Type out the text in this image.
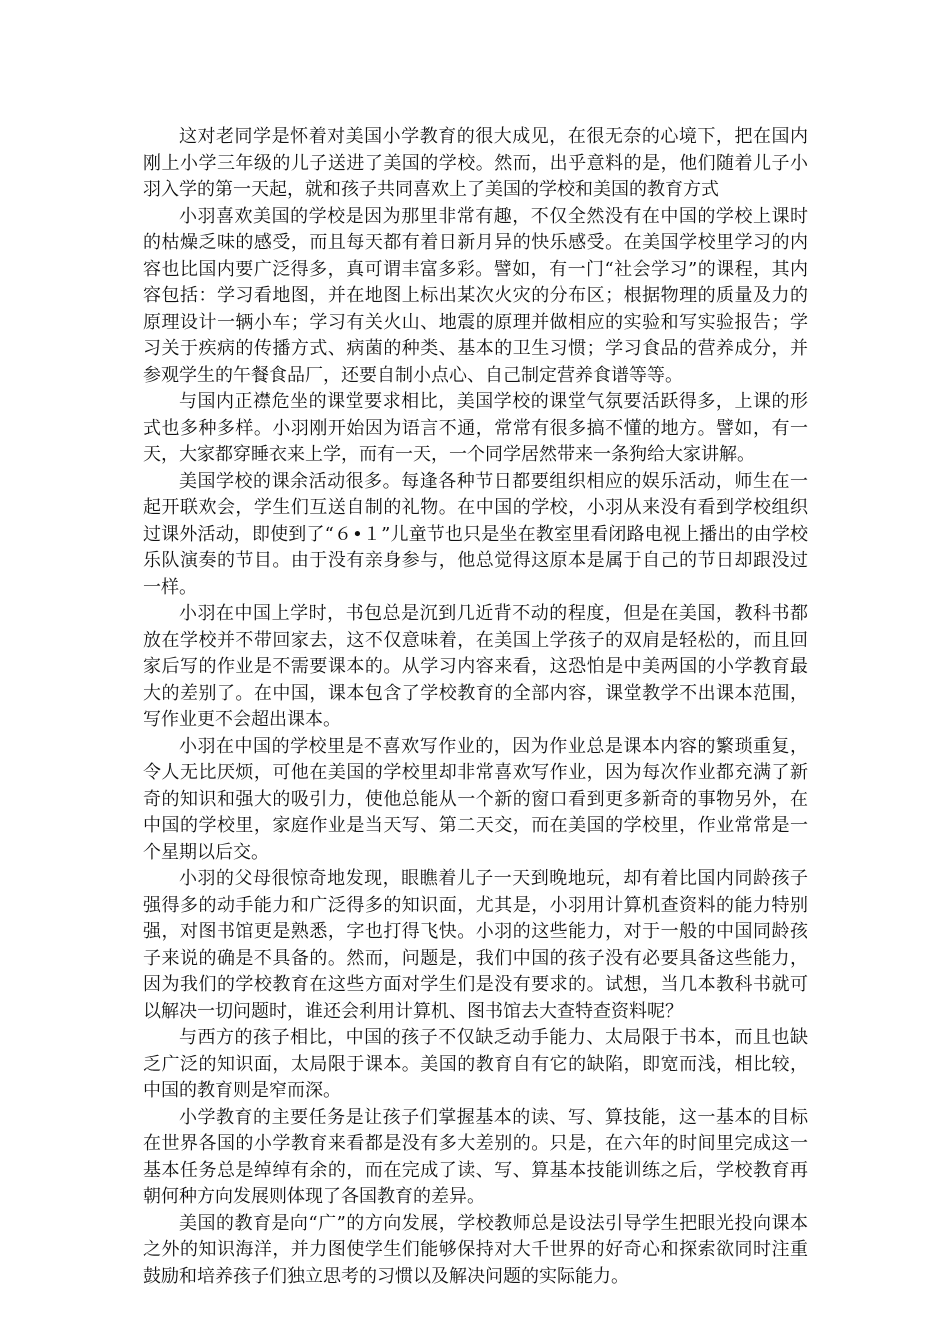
这对老同学是怀着对美国小学教育的很大成见，在很无奈的心境下，把在国内刚上小学三年级的儿子送进了美国的学校。然而，出乎意料的是，他们随着儿子小羽入学的第一天起，就和孩子共同喜欢上了美国的学校和美国的教育方式

小羽喜欢美国的学校是因为那里非常有趣，不仅全然没有在中国的学校上课时的枯燥乏味的感受，而且每天都有着日新月异的快乐感受。在美国学校里学习的内容也比国内要广泛得多，真可谓丰富多彩。譬如，有一门“社会学习”的课程，其内容包括：学习看地图，并在地图上标出某次火灾的分布区；根据物理的质量及力的原理设计一辆小车；学习有关火山、地震的原理并做相应的实验和写实验报告；学习关于疾病的传播方式、病菌的种类、基本的卫生习惯；学习食品的营养成分，并参观学生的午餐食品厂，还要自制小点心、自己制定营养食谱等等。

与国内正襟危坐的课堂要求相比，美国学校的课堂气氛要活跃得多，上课的形式也多种多样。小羽刚开始因为语言不通，常常有很多搞不懂的地方。譬如，有一天，大家都穿睡衣来上学，而有一天，一个同学居然带来一条狗给大家讲解。

美国学校的课余活动很多。每逢各种节日都要组织相应的娱乐活动，师生在一起开联欢会，学生们互送自制的礼物。在中国的学校，小羽从来没有看到学校组织过课外活动，即使到了“６•１”儿童节也只是坐在教室里看闭路电视上播出的由学校乐队演奏的节目。由于没有亲身参与，他总觉得这原本是属于自己的节日却跟没过一样。

小羽在中国上学时，书包总是沉到几近背不动的程度，但是在美国，教科书都放在学校并不带回家去，这不仅意味着，在美国上学孩子的双肩是轻松的，而且回家后写的作业是不需要课本的。从学习内容来看，这恐怕是中美两国的小学教育最大的差别了。在中国，课本包含了学校教育的全部内容，课堂教学不出课本范围，写作业更不会超出课本。

小羽在中国的学校里是不喜欢写作业的，因为作业总是课本内容的繁琐重复，令人无比厌烦，可他在美国的学校里却非常喜欢写作业，因为每次作业都充满了新奇的知识和强大的吸引力，使他总能从一个新的窗口看到更多新奇的事物另外，在中国的学校里，家庭作业是当天写、第二天交，而在美国的学校里，作业常常是一个星期以后交。

小羽的父母很惊奇地发现，眼瞧着儿子一天到晚地玩，却有着比国内同龄孩子强得多的动手能力和广泛得多的知识面，尤其是，小羽用计算机查资料的能力特别强，对图书馆更是熟悉，字也打得飞快。小羽的这些能力，对于一般的中国同龄孩子来说的确是不具备的。然而，问题是，我们中国的孩子没有必要具备这些能力，因为我们的学校教育在这些方面对学生们是没有要求的。试想，当几本教科书就可以解决一切问题时，谁还会利用计算机、图书馆去大查特查资料呢？

与西方的孩子相比，中国的孩子不仅缺乏动手能力、太局限于书本，而且也缺乏广泛的知识面，太局限于课本。美国的教育自有它的缺陷，即宽而浅，相比较，中国的教育则是窄而深。

小学教育的主要任务是让孩子们掌握基本的读、写、算技能，这一基本的目标在世界各国的小学教育来看都是没有多大差别的。只是，在六年的时间里完成这一基本任务总是绰绰有余的，而在完成了读、写、算基本技能训练之后，学校教育再朝何种方向发展则体现了各国教育的差异。

美国的教育是向“广”的方向发展，学校教师总是设法引导学生把眼光投向课本之外的知识海洋，并力图使学生们能够保持对大千世界的好奇心和探索欲同时注重鼓励和培养孩子们独立思考的习惯以及解决问题的实际能力。
